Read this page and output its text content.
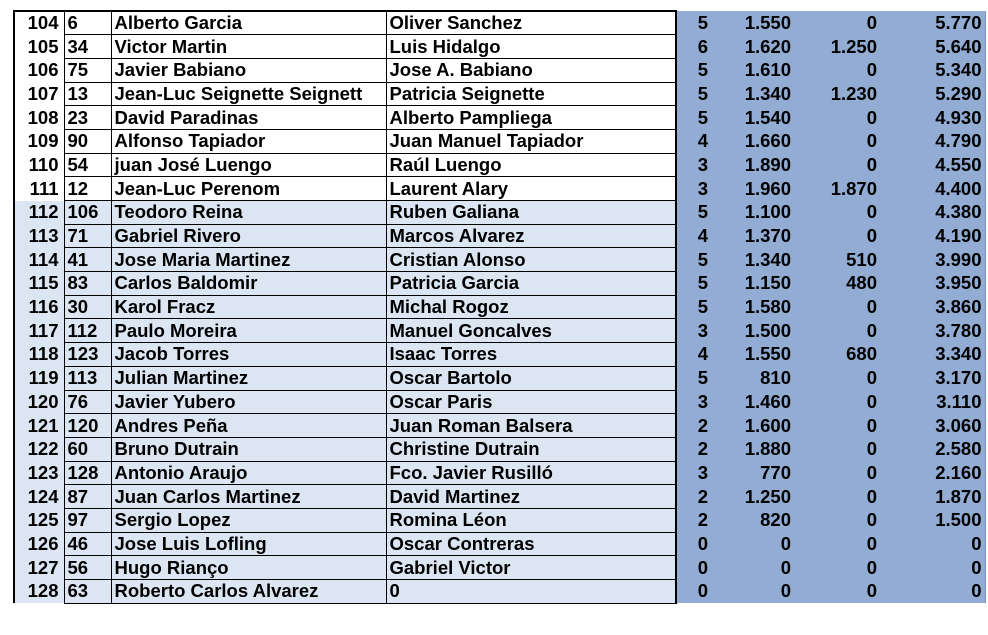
104	6	Alberto Garcia	Oliver Sanchez	5	1.550	0	5.770
105	34	Victor Martin	Luis Hidalgo	6	1.620	1.250	5.640
106	75	Javier Babiano	Jose A. Babiano	5	1.610	0	5.340
107	13	Jean-Luc Seignette Seignett	Patricia Seignette	5	1.340	1.230	5.290
108	23	David Paradinas	Alberto Pampliega	5	1.540	0	4.930
109	90	Alfonso Tapiador	Juan Manuel Tapiador	4	1.660	0	4.790
110	54	juan José Luengo	Raúl Luengo	3	1.890	0	4.550
111	12	Jean-Luc Perenom	Laurent Alary	3	1.960	1.870	4.400
112	106	Teodoro Reina	Ruben Galiana	5	1.100	0	4.380
113	71	Gabriel Rivero	Marcos Alvarez	4	1.370	0	4.190
114	41	Jose Maria Martinez	Cristian Alonso	5	1.340	510	3.990
115	83	Carlos Baldomir	Patricia Garcia	5	1.150	480	3.950
116	30	Karol Fracz	Michal Rogoz	5	1.580	0	3.860
117	112	Paulo Moreira	Manuel Goncalves	3	1.500	0	3.780
118	123	Jacob Torres	Isaac Torres	4	1.550	680	3.340
119	113	Julian Martinez	Oscar Bartolo	5	810	0	3.170
120	76	Javier Yubero	Oscar Paris	3	1.460	0	3.110
121	120	Andres Peña	Juan Roman Balsera	2	1.600	0	3.060
122	60	Bruno Dutrain	Christine Dutrain	2	1.880	0	2.580
123	128	Antonio Araujo	Fco. Javier Rusilló	3	770	0	2.160
124	87	Juan Carlos Martinez	David Martinez	2	1.250	0	1.870
125	97	Sergio Lopez	Romina Léon	2	820	0	1.500
126	46	Jose Luis Lofling	Oscar Contreras	0	0	0	0
127	56	Hugo Rianço	Gabriel Victor	0	0	0	0
128	63	Roberto Carlos Alvarez	0	0	0	0	0
